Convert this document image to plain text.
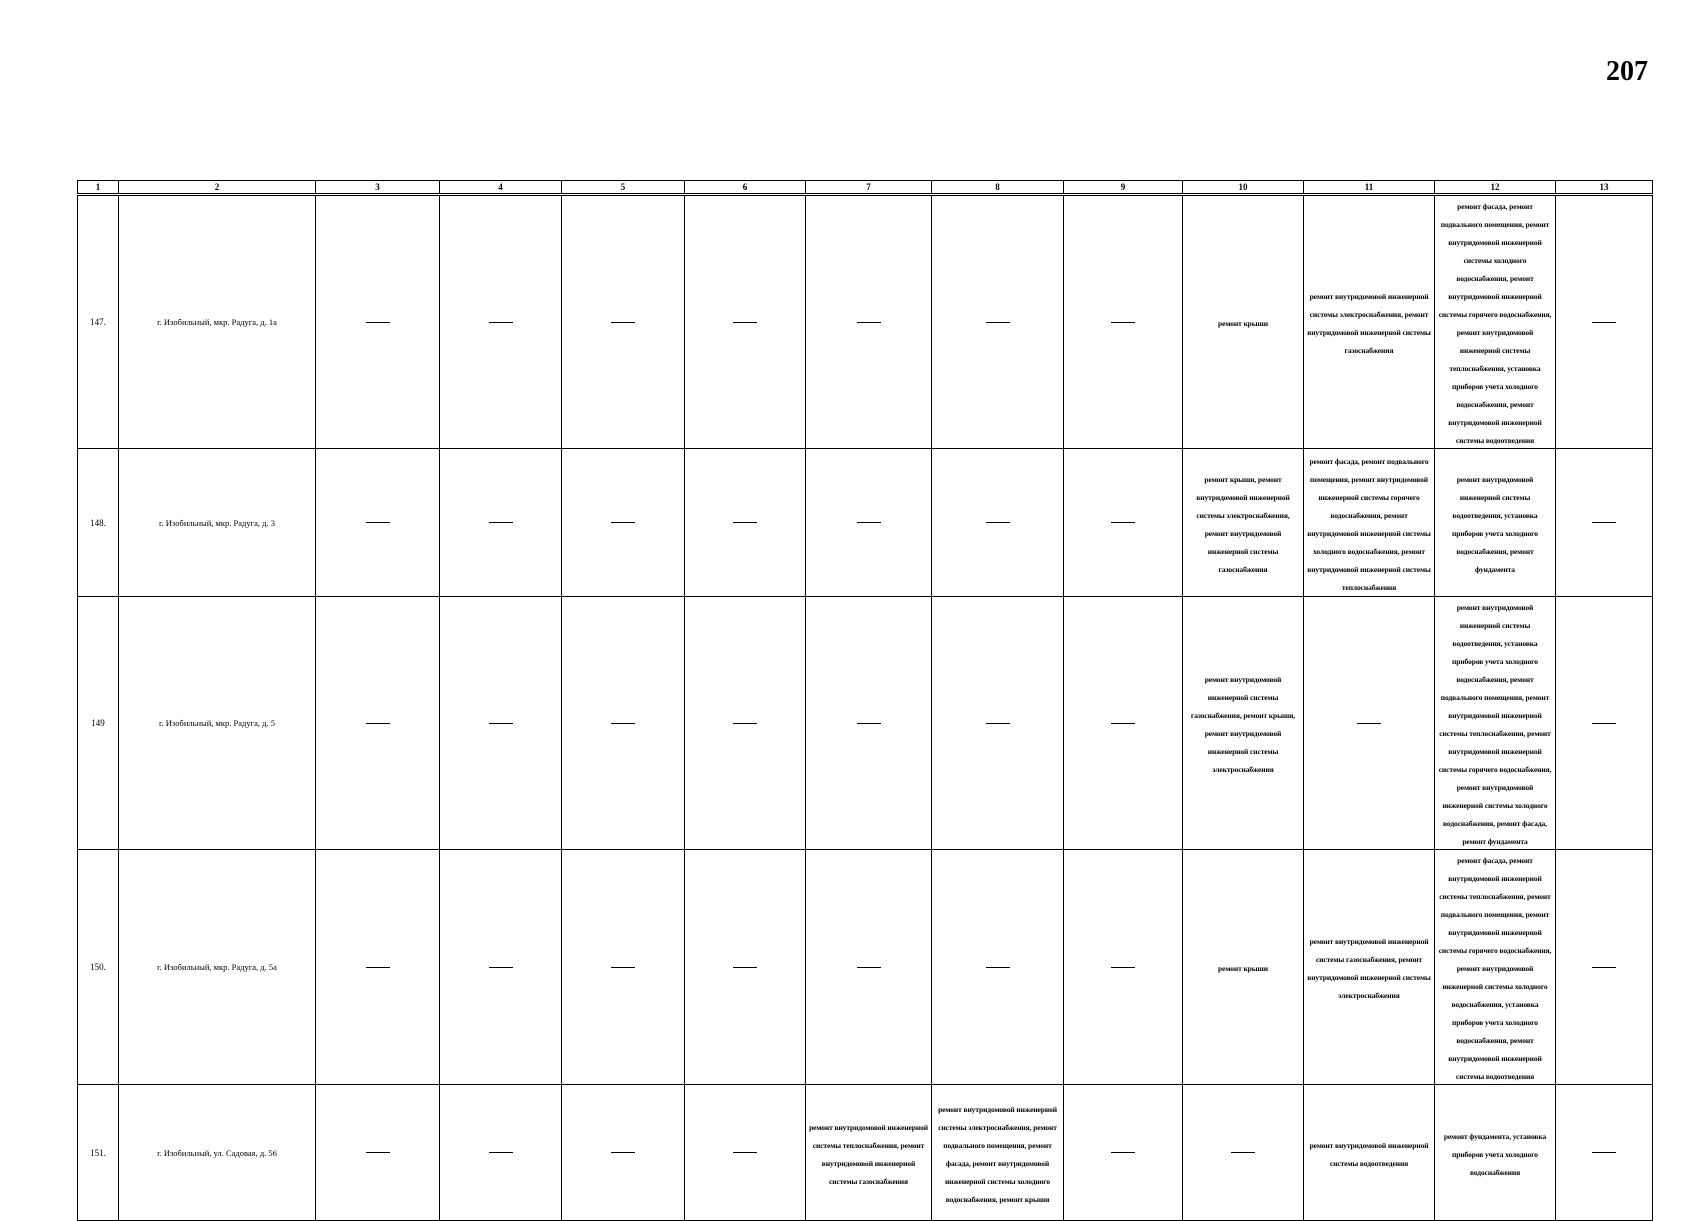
207
1	2	3	4	5	6	7	8	9	10	11	12	13
147.	г. Изобильный, мкр. Радуга, д. 1а								ремонт крыши	ремонт внутридомовой инженерной системы электроснабжения, ремонт внутридомовой инженерной системы газоснабжения	ремонт фасада, ремонт подвального помещения, ремонт внутридомовой инженерной системы холодного водоснабжения, ремонт внутридомовой инженерной системы горячего водоснабжения, ремонт внутридомовой инженерной системы теплоснабжения, установка приборов учета холодного водоснабжения, ремонт внутридомовой инженерной системы водоотведения	
148.	г. Изобильный, мкр. Радуга, д. 3								ремонт крыши, ремонт внутридомовой инженерной системы электроснабжения, ремонт внутридомовой инженерной системы газоснабжения	ремонт фасада, ремонт подвального помещения, ремонт внутридомовой инженерной системы горячего водоснабжения, ремонт внутридомовой инженерной системы холодного водоснабжения, ремонт внутридомовой инженерной системы теплоснабжения	ремонт внутридомовой инженерной системы водоотведения, установка приборов учета холодного водоснабжения, ремонт фундамента	
149	г. Изобильный, мкр. Радуга, д. 5								ремонт внутридомовой инженерной системы газоснабжения, ремонт крыши, ремонт внутридомовой инженерной системы электроснабжения		ремонт внутридомовой инженерной системы водоотведения, установка приборов учета холодного водоснабжения, ремонт подвального помещения, ремонт внутридомовой инженерной системы теплоснабжения, ремонт внутридомовой инженерной системы горячего водоснабжения, ремонт внутридомовой инженерной системы холодного водоснабжения, ремонт фасада, ремонт фундамента	
150.	г. Изобильный, мкр. Радуга, д. 5а								ремонт крыши	ремонт внутридомовой инженерной системы газоснабжения, ремонт внутридомовой инженерной системы электроснабжения	ремонт фасада, ремонт внутридомовой инженерной системы теплоснабжения, ремонт подвального помещения, ремонт внутридомовой инженерной системы горячего водоснабжения, ремонт внутридомовой инженерной системы холодного водоснабжения, установка приборов учета холодного водоснабжения, ремонт внутридомовой инженерной системы водоотведения	
151.	г. Изобильный, ул. Садовая, д. 56					ремонт внутридомовой инженерной системы теплоснабжения, ремонт внутридомовой инженерной системы газоснабжения	ремонт внутридомовой инженерной системы электроснабжения, ремонт подвального помещения, ремонт фасада, ремонт внутридомовой инженерной системы холодного водоснабжения, ремонт крыши			ремонт внутридомовой инженерной системы водоотведения	ремонт фундамента, установка приборов учета холодного водоснабжения	
